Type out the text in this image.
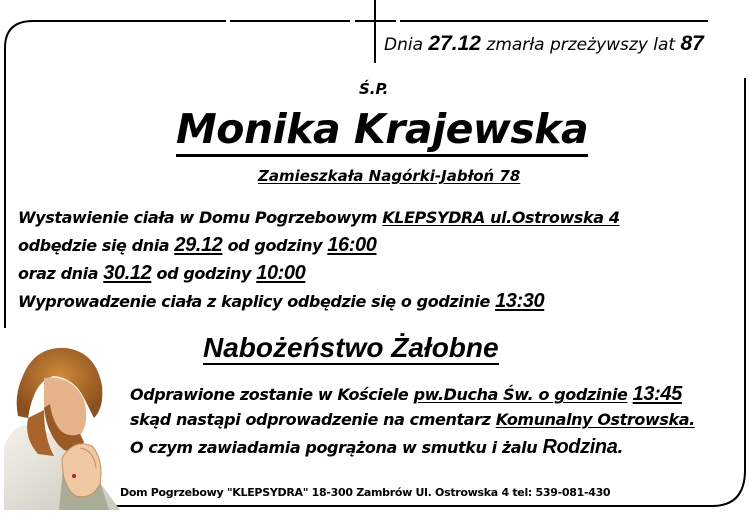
Dnia 27.12 zmarła przeżywszy lat 87
Ś.P.
Monika Krajewska
Zamieszkała Nagórki-Jabłoń 78
Wystawienie ciała w Domu Pogrzebowym KLEPSYDRA ul.Ostrowska 4
odbędzie się dnia 29.12 od godziny 16:00
oraz dnia 30.12 od godziny 10:00
Wyprowadzenie ciała z kaplicy odbędzie się o godzinie 13:30
Nabożeństwo Żałobne
Odprawione zostanie w Kościele pw.Ducha Św. o godzinie 13:45
skąd nastąpi odprowadzenie na cmentarz Komunalny Ostrowska.
O czym zawiadamia pogrążona w smutku i żalu Rodzina.
Dom Pogrzebowy "KLEPSYDRA" 18-300 Zambrów Ul. Ostrowska 4 tel: 539-081-430
